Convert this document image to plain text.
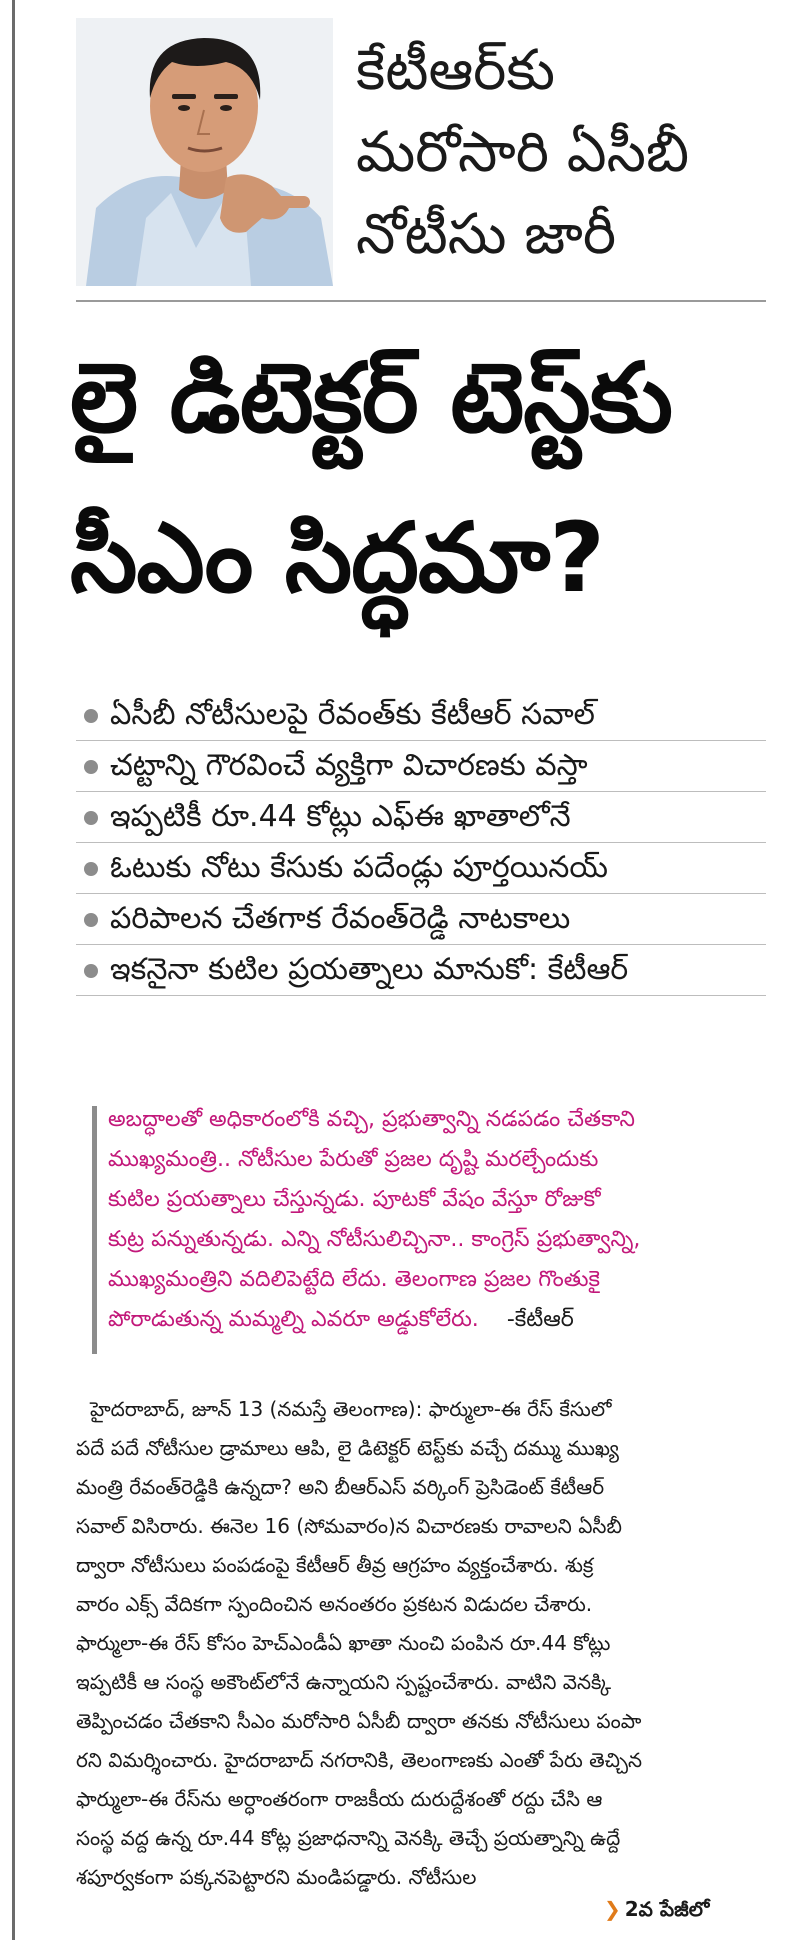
కేటీఆర్‌కు
మరోసారి ఏసీబీ
నోటీసు జారీ
లై డిటెక్టర్ టెస్ట్‌కు
సీఎం సిద్ధమా?
ఏసీబీ నోటీసులపై రేవంత్‌కు కేటీఆర్ సవాల్
చట్టాన్ని గౌరవించే వ్యక్తిగా విచారణకు వస్తా
ఇప్పటికీ రూ.44 కోట్లు ఎఫ్‌ఈ ఖాతాలోనే
ఓటుకు నోటు కేసుకు పదేండ్లు పూర్తయినయ్
పరిపాలన చేతగాక రేవంత్‌రెడ్డి నాటకాలు
ఇకనైనా కుటిల ప్రయత్నాలు మానుకో: కేటీఆర్
అబద్ధాలతో అధికారంలోకి వచ్చి, ప్రభుత్వాన్ని నడపడం చేతకాని
ముఖ్యమంత్రి.. నోటీసుల పేరుతో ప్రజల దృష్టి మరల్చేందుకు
కుటిల ప్రయత్నాలు చేస్తున్నడు. పూటకో వేషం వేస్తూ రోజుకో
కుట్ర పన్నుతున్నడు. ఎన్ని నోటీసులిచ్చినా.. కాంగ్రెస్ ప్రభుత్వాన్ని,
ముఖ్యమంత్రిని వదిలిపెట్టేది లేదు. తెలంగాణ ప్రజల గొంతుకై
పోరాడుతున్న మమ్మల్ని ఎవరూ అడ్డుకోలేరు. -కేటీఆర్
హైదరాబాద్, జూన్ 13 (నమస్తే తెలంగాణ): ఫార్ములా-ఈ రేస్ కేసులో
పదే పదే నోటీసుల డ్రామాలు ఆపి, లై డిటెక్టర్ టెస్ట్‌కు వచ్చే దమ్ము ముఖ్య
మంత్రి రేవంత్‌రెడ్డికి ఉన్నదా? అని బీఆర్‌ఎస్ వర్కింగ్ ప్రెసిడెంట్ కేటీఆర్
సవాల్ విసిరారు. ఈనెల 16 (సోమవారం)న విచారణకు రావాలని ఏసీబీ
ద్వారా నోటీసులు పంపడంపై కేటీఆర్ తీవ్ర ఆగ్రహం వ్యక్తంచేశారు. శుక్ర
వారం ఎక్స్ వేదికగా స్పందించిన అనంతరం ప్రకటన విడుదల చేశారు.
ఫార్ములా-ఈ రేస్ కోసం హెచ్‌ఎండీఏ ఖాతా నుంచి పంపిన రూ.44 కోట్లు
ఇప్పటికీ ఆ సంస్థ అకౌంట్‌లోనే ఉన్నాయని స్పష్టంచేశారు. వాటిని వెనక్కి
తెప్పించడం చేతకాని సీఎం మరోసారి ఏసీబీ ద్వారా తనకు నోటీసులు పంపా
రని విమర్శించారు. హైదరాబాద్ నగరానికి, తెలంగాణకు ఎంతో పేరు తెచ్చిన
ఫార్ములా-ఈ రేస్‌ను అర్ధాంతరంగా రాజకీయ దురుద్దేశంతో రద్దు చేసి ఆ
సంస్థ వద్ద ఉన్న రూ.44 కోట్ల ప్రజాధనాన్ని వెనక్కి తెచ్చే ప్రయత్నాన్ని ఉద్దే
శపూర్వకంగా పక్కనపెట్టారని మండిపడ్డారు. నోటీసుల
❯ 2వ పేజీలో
